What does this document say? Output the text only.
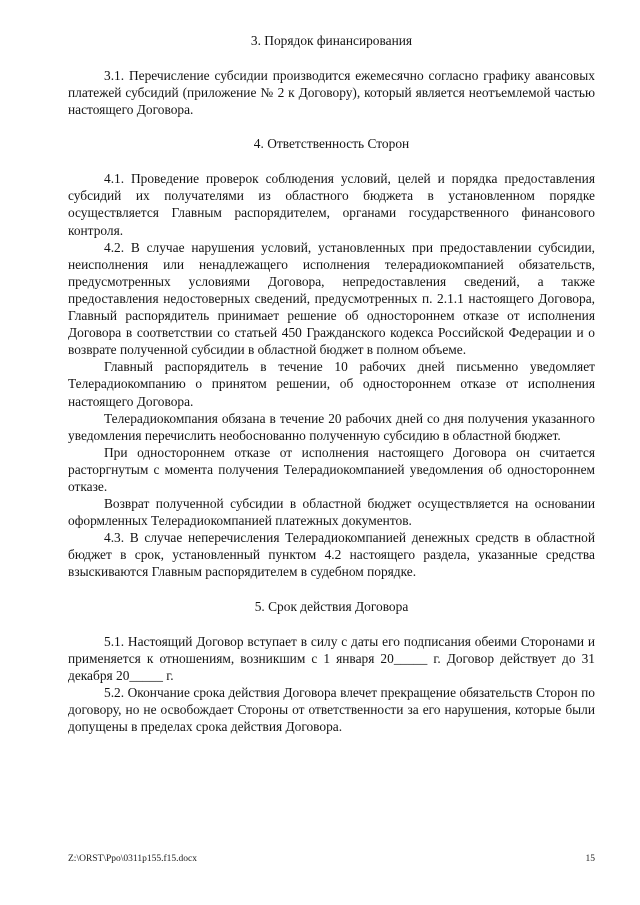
3. Порядок финансирования

3.1. Перечисление субсидии производится ежемесячно согласно графику авансовых платежей субсидий (приложение № 2 к Договору), который является неотъемлемой частью настоящего Договора.

4. Ответственность Сторон

4.1. Проведение проверок соблюдения условий, целей и порядка предоставления субсидий их получателями из областного бюджета в установленном порядке осуществляется Главным распорядителем, органами государственного финансового контроля.

4.2. В случае нарушения условий, установленных при предоставлении субсидии, неисполнения или ненадлежащего исполнения телерадиокомпанией обязательств, предусмотренных условиями Договора, непредоставления сведений, а также предоставления недостоверных сведений, предусмотренных п. 2.1.1 настоящего Договора, Главный распорядитель принимает решение об одностороннем отказе от исполнения Договора в соответствии со статьей 450 Гражданского кодекса Российской Федерации и о возврате полученной субсидии в областной бюджет в полном объеме.

Главный распорядитель в течение 10 рабочих дней письменно уведомляет Телерадиокомпанию о принятом решении, об одностороннем отказе от исполнения настоящего Договора.

Телерадиокомпания обязана в течение 20 рабочих дней со дня получения указанного уведомления перечислить необоснованно полученную субсидию в областной бюджет.

При одностороннем отказе от исполнения настоящего Договора он считается расторгнутым с момента получения Телерадиокомпанией уведомления об одностороннем отказе.

Возврат полученной субсидии в областной бюджет осуществляется на основании оформленных Телерадиокомпанией платежных документов.

4.3. В случае неперечисления Телерадиокомпанией денежных средств в областной бюджет в срок, установленный пунктом 4.2 настоящего раздела, указанные средства взыскиваются Главным распорядителем в судебном порядке.

5. Срок действия Договора

5.1. Настоящий Договор вступает в силу с даты его подписания обеими Сторонами и применяется к отношениям, возникшим с 1 января 20_____ г. Договор действует до 31 декабря 20_____ г.

5.2. Окончание срока действия Договора влечет прекращение обязательств Сторон по договору, но не освобождает Стороны от ответственности за его нарушения, которые были допущены в пределах срока действия Договора.

Z:\ORST\Ppo\0311p155.f15.docx	15
